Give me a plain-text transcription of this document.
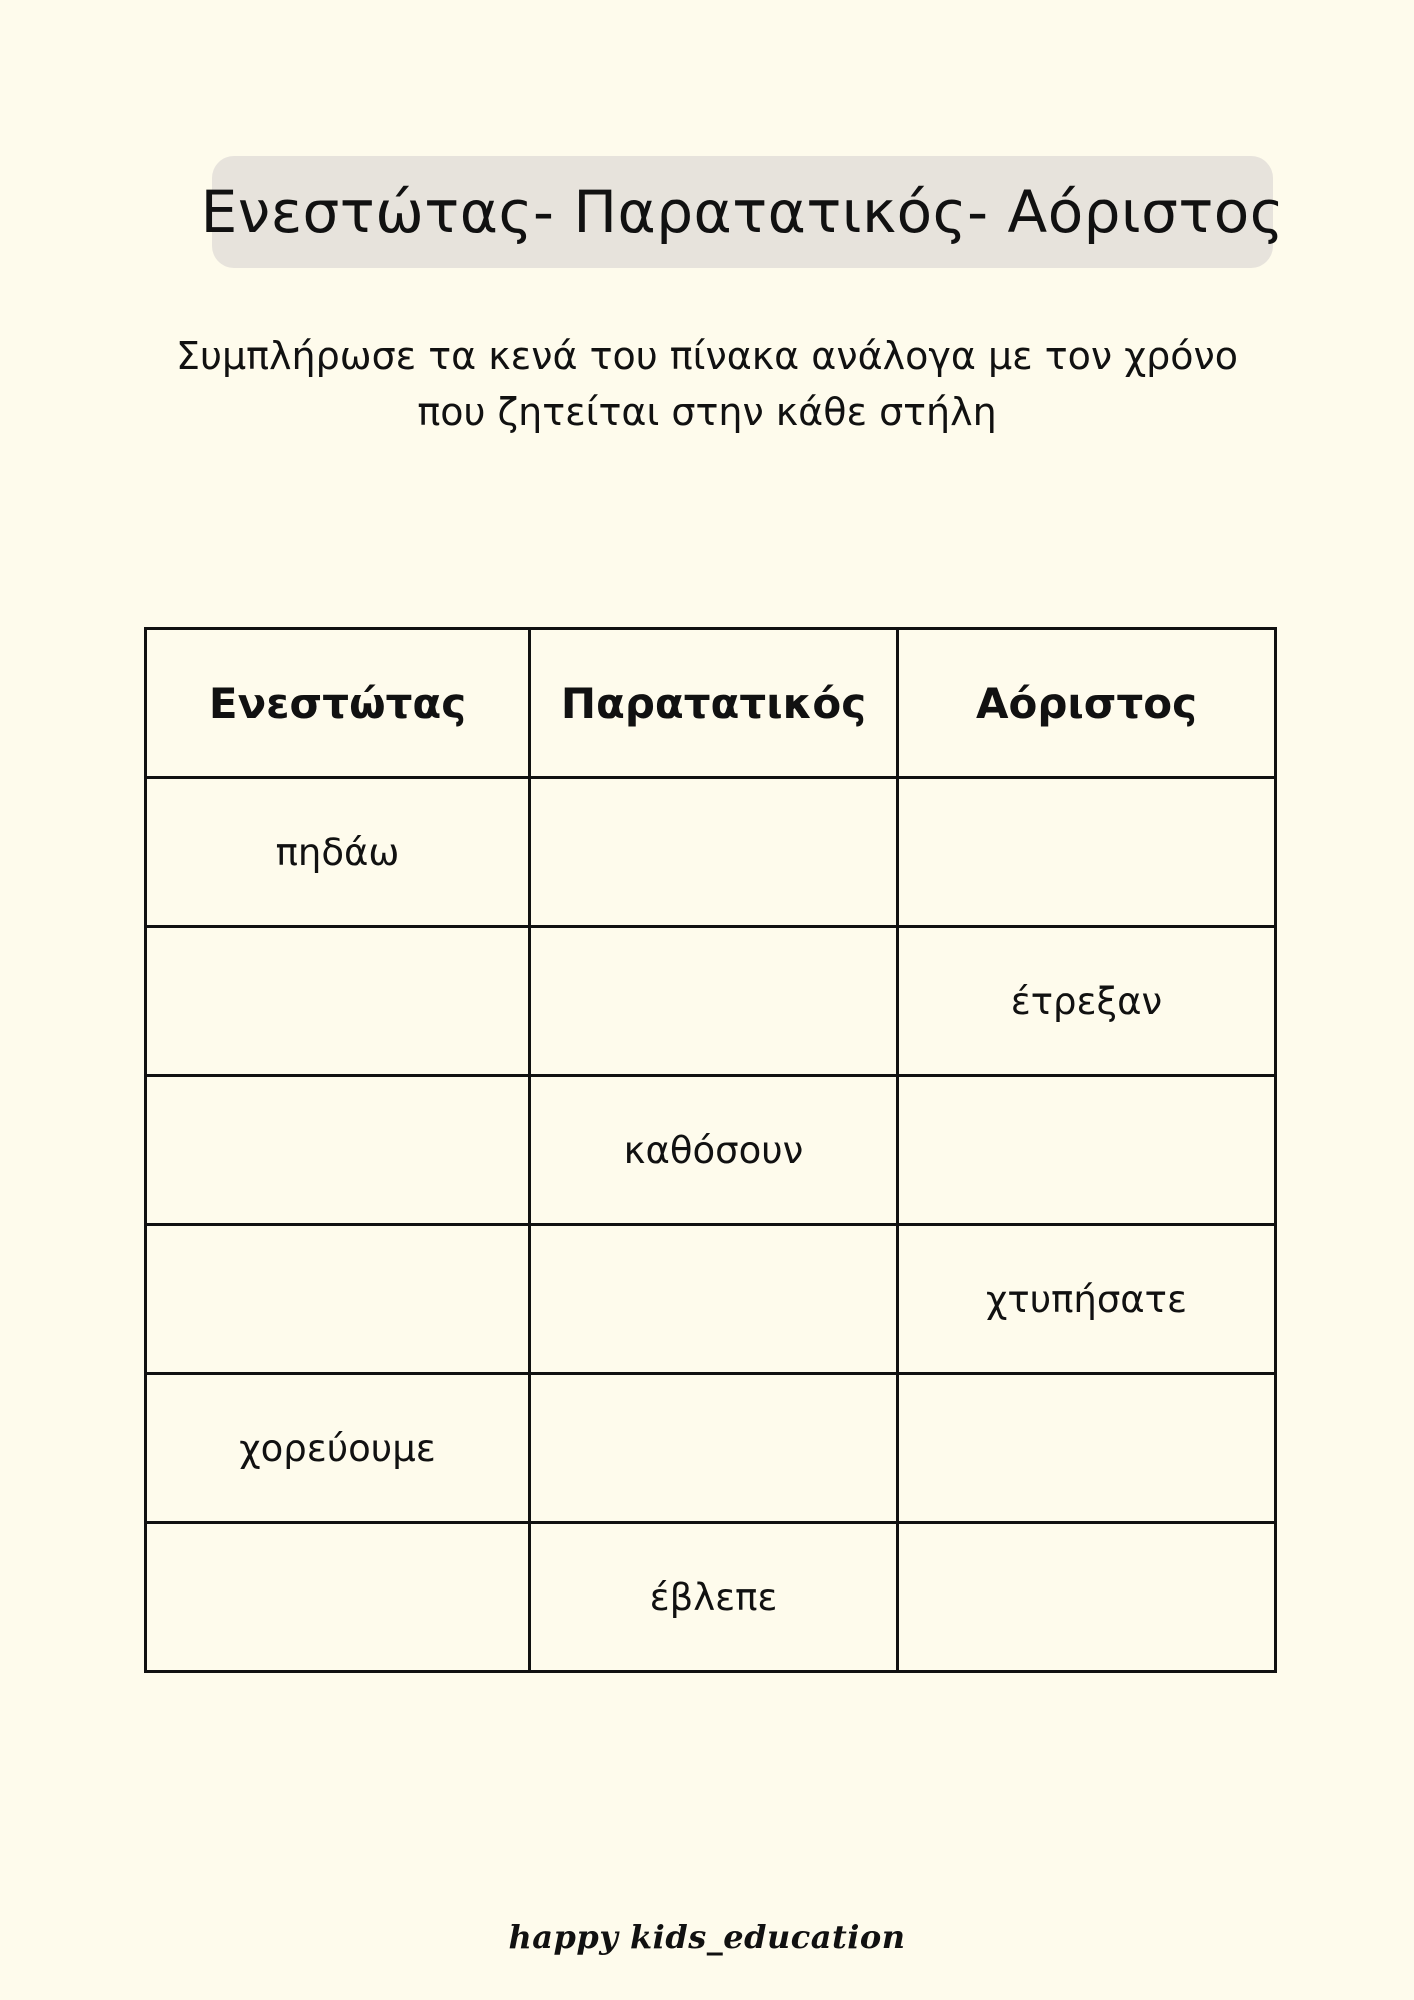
Ενεστώτας- Παρατατικός- Αόριστος
Συμπλήρωσε τα κενά του πίνακα ανάλογα με τον χρόνο
που ζητείται στην κάθε στήλη
Ενεστώτας	Παρατατικός	Αόριστος
πηδάω		
		έτρεξαν
	καθόσουν	
		χτυπήσατε
χορεύουμε		
	έβλεπε	
happy kids_education
